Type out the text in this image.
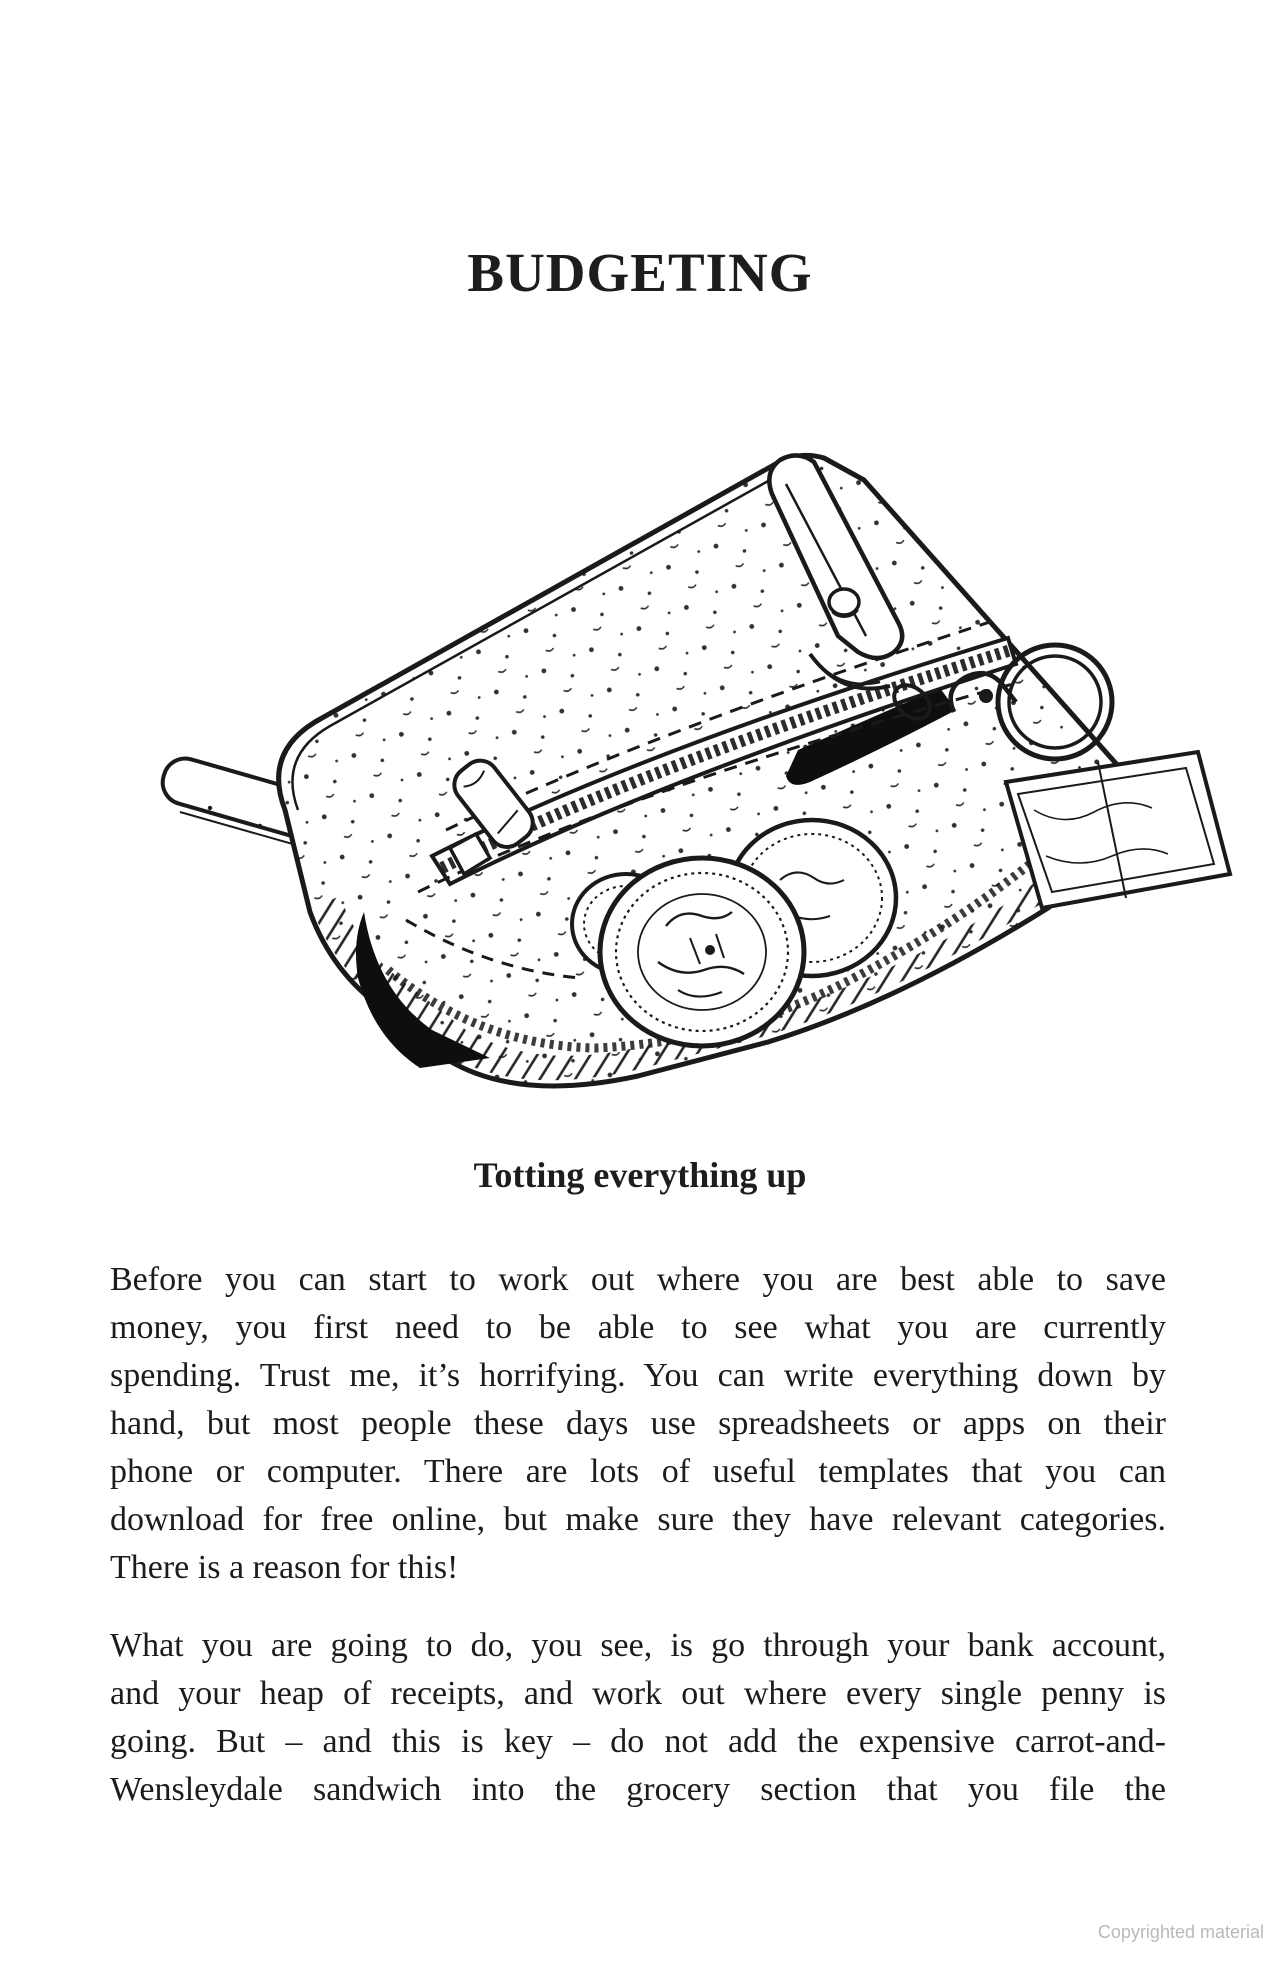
BUDGETING
Totting everything up
Before you can start to work out where you are best able to save
money, you first need to be able to see what you are currently
spending. Trust me, it’s horrifying. You can write everything down by
hand, but most people these days use spreadsheets or apps on their
phone or computer. There are lots of useful templates that you can
download for free online, but make sure they have relevant categories.
There is a reason for this!
What you are going to do, you see, is go through your bank account,
and your heap of receipts, and work out where every single penny is
going. But – and this is key – do not add the expensive carrot-and-
Wensleydale sandwich into the grocery section that you file the
Copyrighted material
